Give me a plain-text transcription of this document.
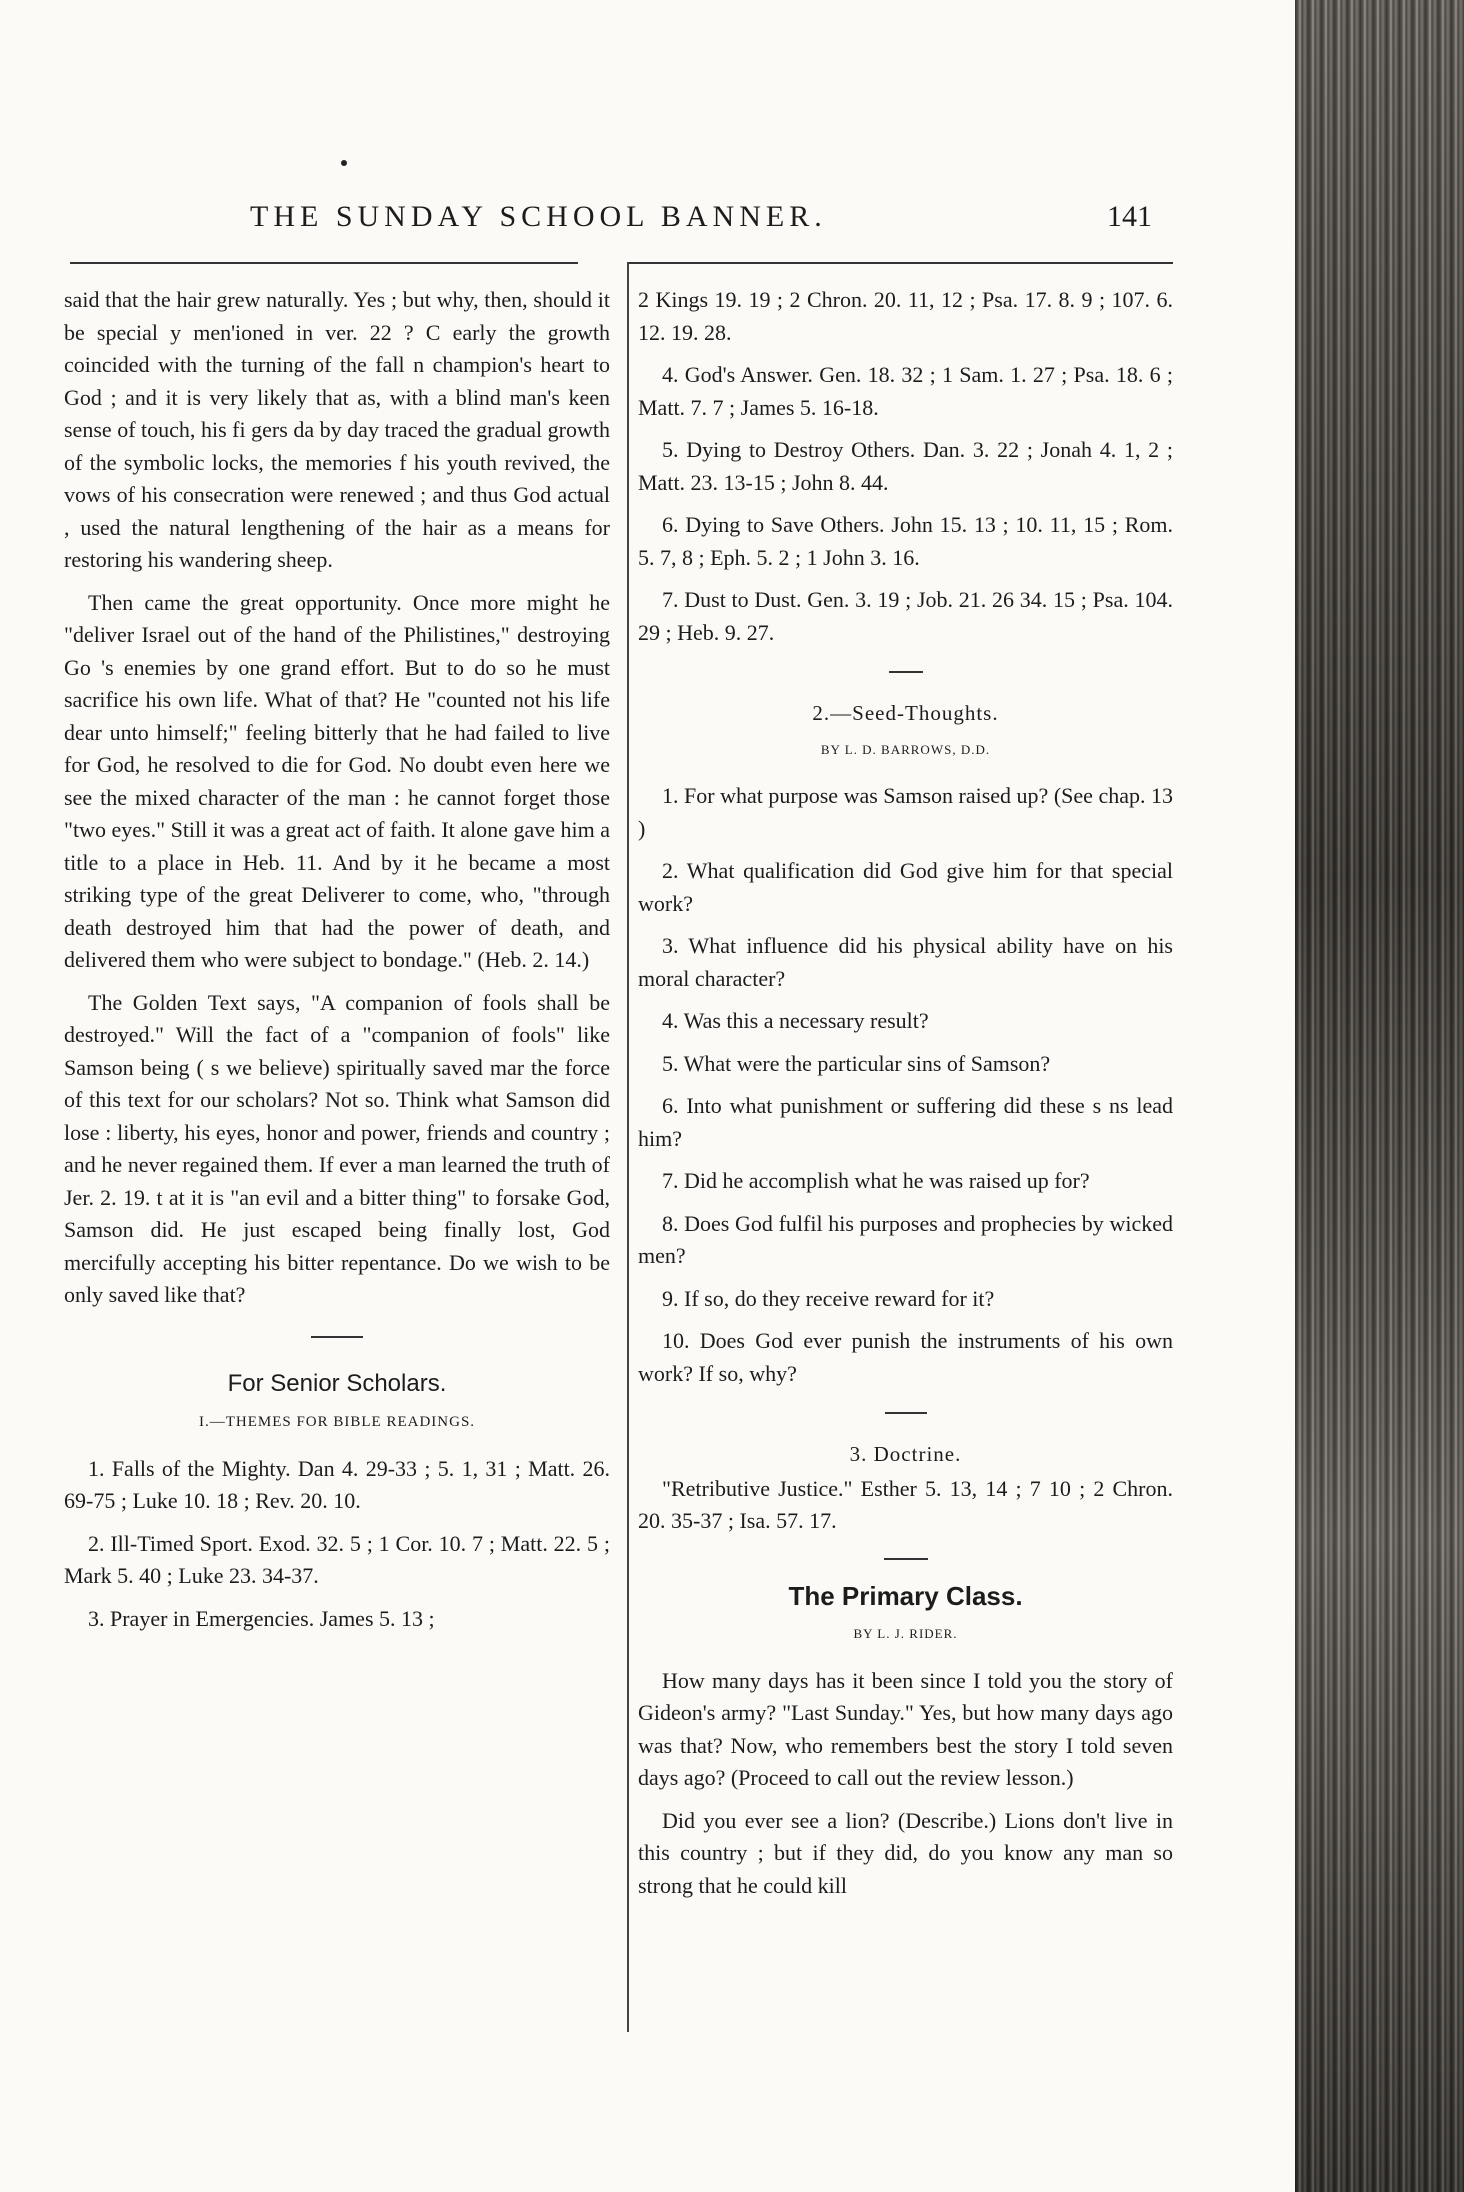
THE SUNDAY SCHOOL BANNER.	141

said that the hair grew naturally. Yes ; but why, then, should it be special y men'ioned in ver. 22 ? C early the growth coincided with the turning of the fall n champion's heart to God ; and it is very likely that as, with a blind man's keen sense of touch, his fi gers da by day traced the gradual growth of the symbolic locks, the memories f his youth revived, the vows of his consecration were renewed ; and thus God actual , used the natural lengthening of the hair as a means for restoring his wandering sheep.

Then came the great opportunity. Once more might he "deliver Israel out of the hand of the Philistines," destroying Go 's enemies by one grand effort. But to do so he must sacrifice his own life. What of that? He "counted not his life dear unto himself;" feeling bitterly that he had failed to live for God, he resolved to die for God. No doubt even here we see the mixed character of the man : he cannot forget those "two eyes." Still it was a great act of faith. It alone gave him a title to a place in Heb. 11. And by it he became a most striking type of the great Deliverer to come, who, "through death destroyed him that had the power of death, and delivered them who were subject to bondage." (Heb. 2. 14.)

The Golden Text says, "A companion of fools shall be destroyed." Will the fact of a "companion of fools" like Samson being ( s we believe) spiritually saved mar the force of this text for our scholars? Not so. Think what Samson did lose : liberty, his eyes, honor and power, friends and country ; and he never regained them. If ever a man learned the truth of Jer. 2. 19. t at it is "an evil and a bitter thing" to forsake God, Samson did. He just escaped being finally lost, God mercifully accepting his bitter repentance. Do we wish to be only saved like that?

For Senior Scholars.
I.—THEMES FOR BIBLE READINGS.

1. Falls of the Mighty. Dan 4. 29-33 ; 5. 1, 31 ; Matt. 26. 69-75 ; Luke 10. 18 ; Rev. 20. 10.

2. Ill-Timed Sport. Exod. 32. 5 ; 1 Cor. 10. 7 ; Matt. 22. 5 ; Mark 5. 40 ; Luke 23. 34-37.

3. Prayer in Emergencies. James 5. 13 ;

2 Kings 19. 19 ; 2 Chron. 20. 11, 12 ; Psa. 17. 8. 9 ; 107. 6. 12. 19. 28.

4. God's Answer. Gen. 18. 32 ; 1 Sam. 1. 27 ; Psa. 18. 6 ; Matt. 7. 7 ; James 5. 16-18.

5. Dying to Destroy Others. Dan. 3. 22 ; Jonah 4. 1, 2 ; Matt. 23. 13-15 ; John 8. 44.

6. Dying to Save Others. John 15. 13 ; 10. 11, 15 ; Rom. 5. 7, 8 ; Eph. 5. 2 ; 1 John 3. 16.

7. Dust to Dust. Gen. 3. 19 ; Job. 21. 26 34. 15 ; Psa. 104. 29 ; Heb. 9. 27.

2.—Seed-Thoughts.
BY L. D. BARROWS, D.D.

1. For what purpose was Samson raised up? (See chap. 13 )

2. What qualification did God give him for that special work?

3. What influence did his physical ability have on his moral character?

4. Was this a necessary result?

5. What were the particular sins of Samson?

6. Into what punishment or suffering did these s ns lead him?

7. Did he accomplish what he was raised up for?

8. Does God fulfil his purposes and prophecies by wicked men?

9. If so, do they receive reward for it?

10. Does God ever punish the instruments of his own work? If so, why?

3. Doctrine.

"Retributive Justice." Esther 5. 13, 14 ; 7 10 ; 2 Chron. 20. 35-37 ; Isa. 57. 17.

The Primary Class.
BY L. J. RIDER.

How many days has it been since I told you the story of Gideon's army? "Last Sunday." Yes, but how many days ago was that? Now, who remembers best the story I told seven days ago? (Proceed to call out the review lesson.)

Did you ever see a lion? (Describe.) Lions don't live in this country ; but if they did, do you know any man so strong that he could kill
